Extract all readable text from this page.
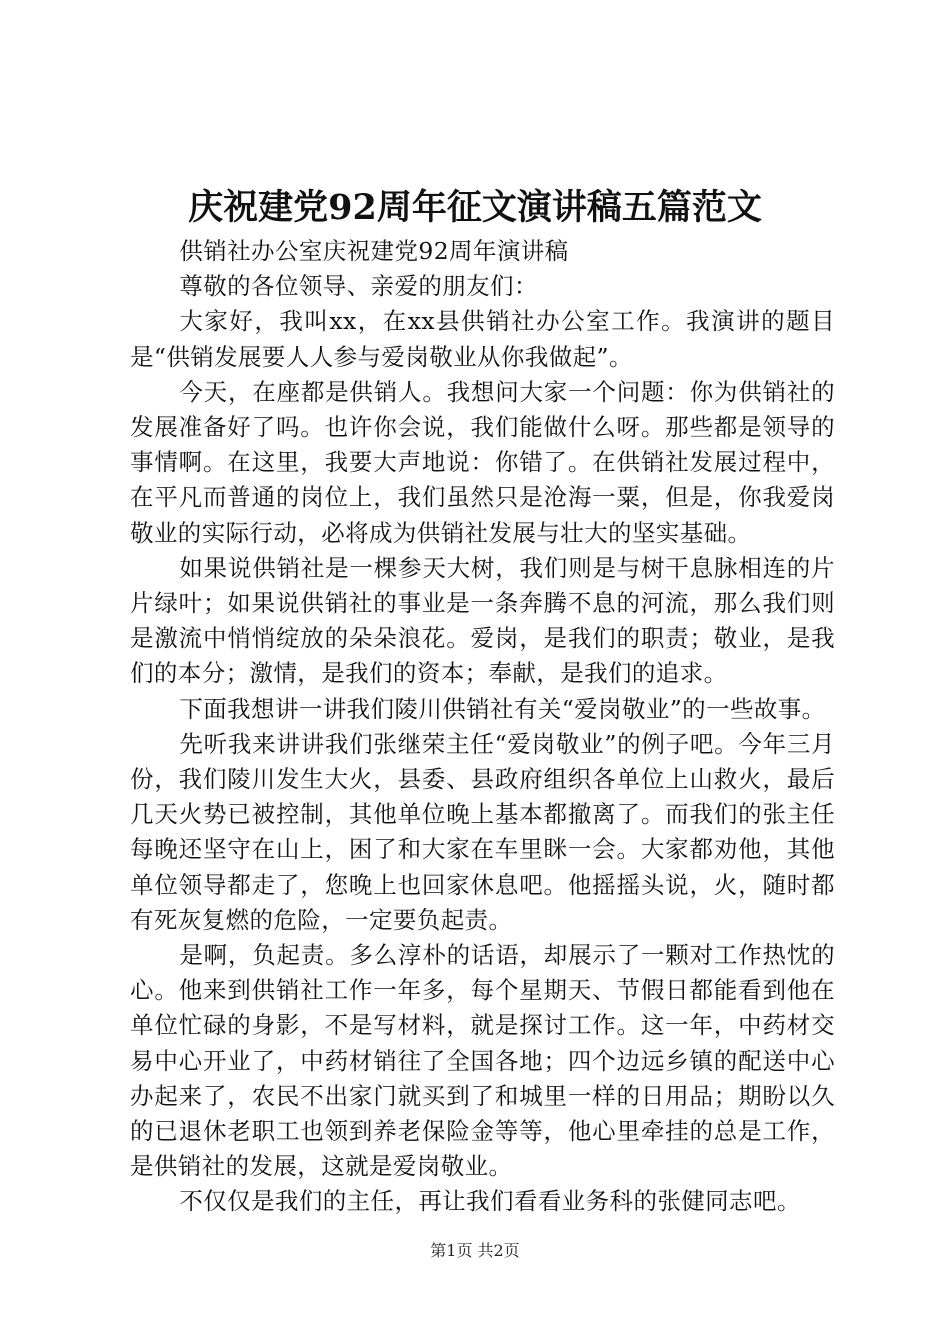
庆祝建党92周年征文演讲稿五篇范文

供销社办公室庆祝建党92周年演讲稿

尊敬的各位领导、亲爱的朋友们：

大家好，我叫xx，在xx县供销社办公室工作。我演讲的题目是“供销发展要人人参与爱岗敬业从你我做起”。

今天，在座都是供销人。我想问大家一个问题：你为供销社的发展准备好了吗。也许你会说，我们能做什么呀。那些都是领导的事情啊。在这里，我要大声地说：你错了。在供销社发展过程中，在平凡而普通的岗位上，我们虽然只是沧海一粟，但是，你我爱岗敬业的实际行动，必将成为供销社发展与壮大的坚实基础。

如果说供销社是一棵参天大树，我们则是与树干息脉相连的片片绿叶；如果说供销社的事业是一条奔腾不息的河流，那么我们则是激流中悄悄绽放的朵朵浪花。爱岗，是我们的职责；敬业，是我们的本分；激情，是我们的资本；奉献，是我们的追求。

下面我想讲一讲我们陵川供销社有关“爱岗敬业”的一些故事。

先听我来讲讲我们张继荣主任“爱岗敬业”的例子吧。今年三月份，我们陵川发生大火，县委、县政府组织各单位上山救火，最后几天火势已被控制，其他单位晚上基本都撤离了。而我们的张主任每晚还坚守在山上，困了和大家在车里眯一会。大家都劝他，其他单位领导都走了，您晚上也回家休息吧。他摇摇头说，火，随时都有死灰复燃的危险，一定要负起责。

是啊，负起责。多么淳朴的话语，却展示了一颗对工作热忱的心。他来到供销社工作一年多，每个星期天、节假日都能看到他在单位忙碌的身影，不是写材料，就是探讨工作。这一年，中药材交易中心开业了，中药材销往了全国各地；四个边远乡镇的配送中心办起来了，农民不出家门就买到了和城里一样的日用品；期盼以久的已退休老职工也领到养老保险金等等，他心里牵挂的总是工作，是供销社的发展，这就是爱岗敬业。

不仅仅是我们的主任，再让我们看看业务科的张健同志吧。

第1页 共2页
